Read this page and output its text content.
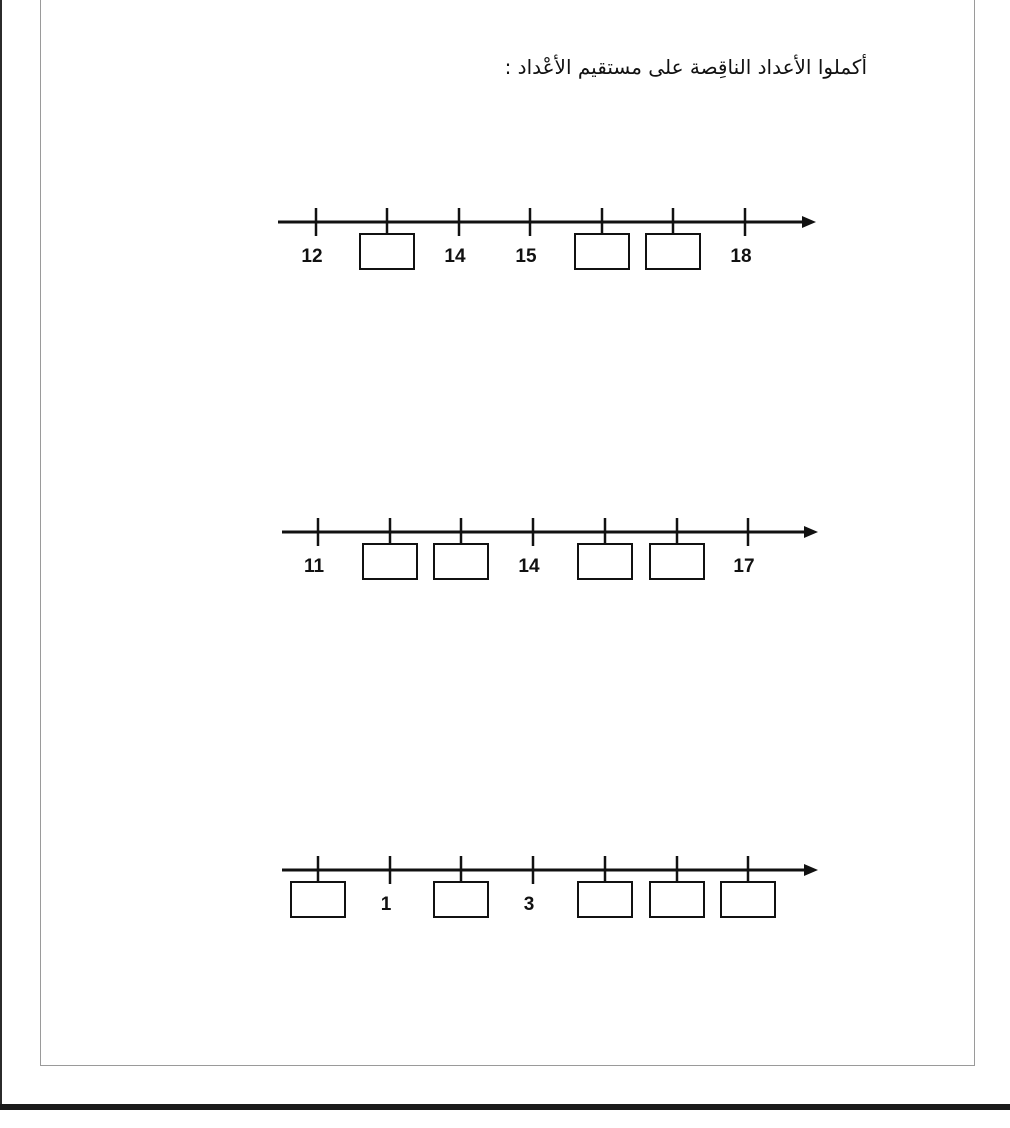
أكملوا الأعداد الناقِصة على مستقيم الأعْداد :
12	14	15	18
11	14	17
1	3
